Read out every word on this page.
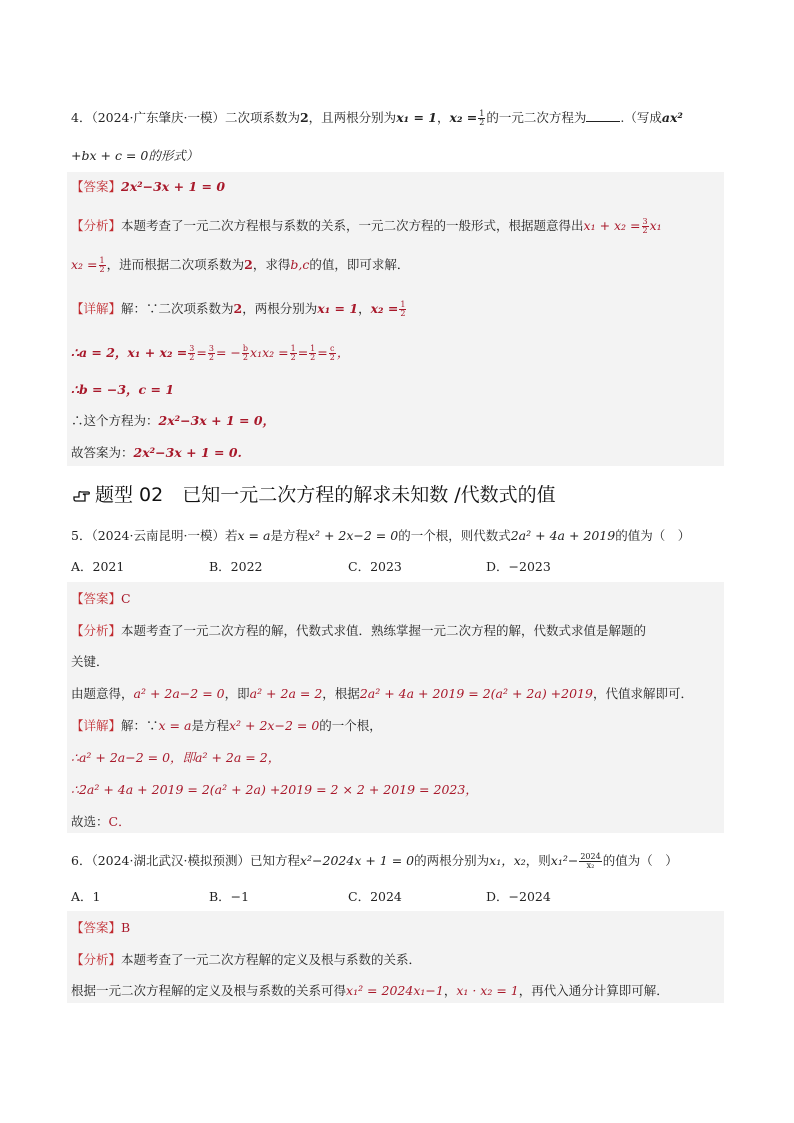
4．（2024·广东肇庆·一模）二次项系数为2，且两根分别为x₁ = 1，$x_2 = \frac{1}{2}$ 的一元二次方程为	.（写成ax²
+bx + c = 0的形式）
【答案】2x²−3x + 1 = 0
【分析】本题考查了一元二次方程根与系数的关系，一元二次方程的一般形式，根据题意得出$x_1 + x_2 = \frac{3}{2} x_1$
$x_2 = \frac{1}{2}$ ，进而根据二次项系数为2，求得b,c的值，即可求解．
【详解】解：∵二次项系数为2，两根分别为x₁ = 1，$x_2 = \frac{1}{2}$
∴a = 2，$x_1 + x_2 = \frac{3}{2} = \frac{3}{2}$ = − $\frac{b}{2} x_1x_2 = \frac{1}{2} = \frac{1}{2} = \frac{c}{2}$ ，
∴b = −3，c = 1
∴这个方程为：2x²−3x + 1 = 0，
故答案为：2x²−3x + 1 = 0.
题型 02　已知一元二次方程的解求未知数 /代数式的值
5．（2024·云南昆明·一模）若x = a是方程x² + 2x−2 = 0的一个根，则代数式2a² + 4a + 2019的值为（　）
A．2021	B．2022	C．2023	D．−2023
【答案】C
【分析】本题考查了一元二次方程的解，代数式求值．熟练掌握一元二次方程的解，代数式求值是解题的
关键．
由题意得，a² + 2a−2 = 0，即a² + 2a = 2，根据2a² + 4a + 2019 = 2(a² + 2a) +2019，代值求解即可．
【详解】解：∵x = a是方程x² + 2x−2 = 0的一个根，
∴a² + 2a−2 = 0，即a² + 2a = 2，
∴2a² + 4a + 2019 = 2(a² + 2a) +2019 = 2 × 2 + 2019 = 2023，
故选：C．
6．（2024·湖北武汉·模拟预测）已知方程x²−2024x + 1 = 0的两根分别为x₁，x₂，则$x_1^2- \frac{2024}{\text{x₂}}$ 的值为（　）
A．1	B．−1	C．2024	D．−2024
【答案】B
【分析】本题考查了一元二次方程解的定义及根与系数的关系．
根据一元二次方程解的定义及根与系数的关系可得x₁² = 2024x₁−1，x₁ · x₂ = 1，再代入通分计算即可解．
